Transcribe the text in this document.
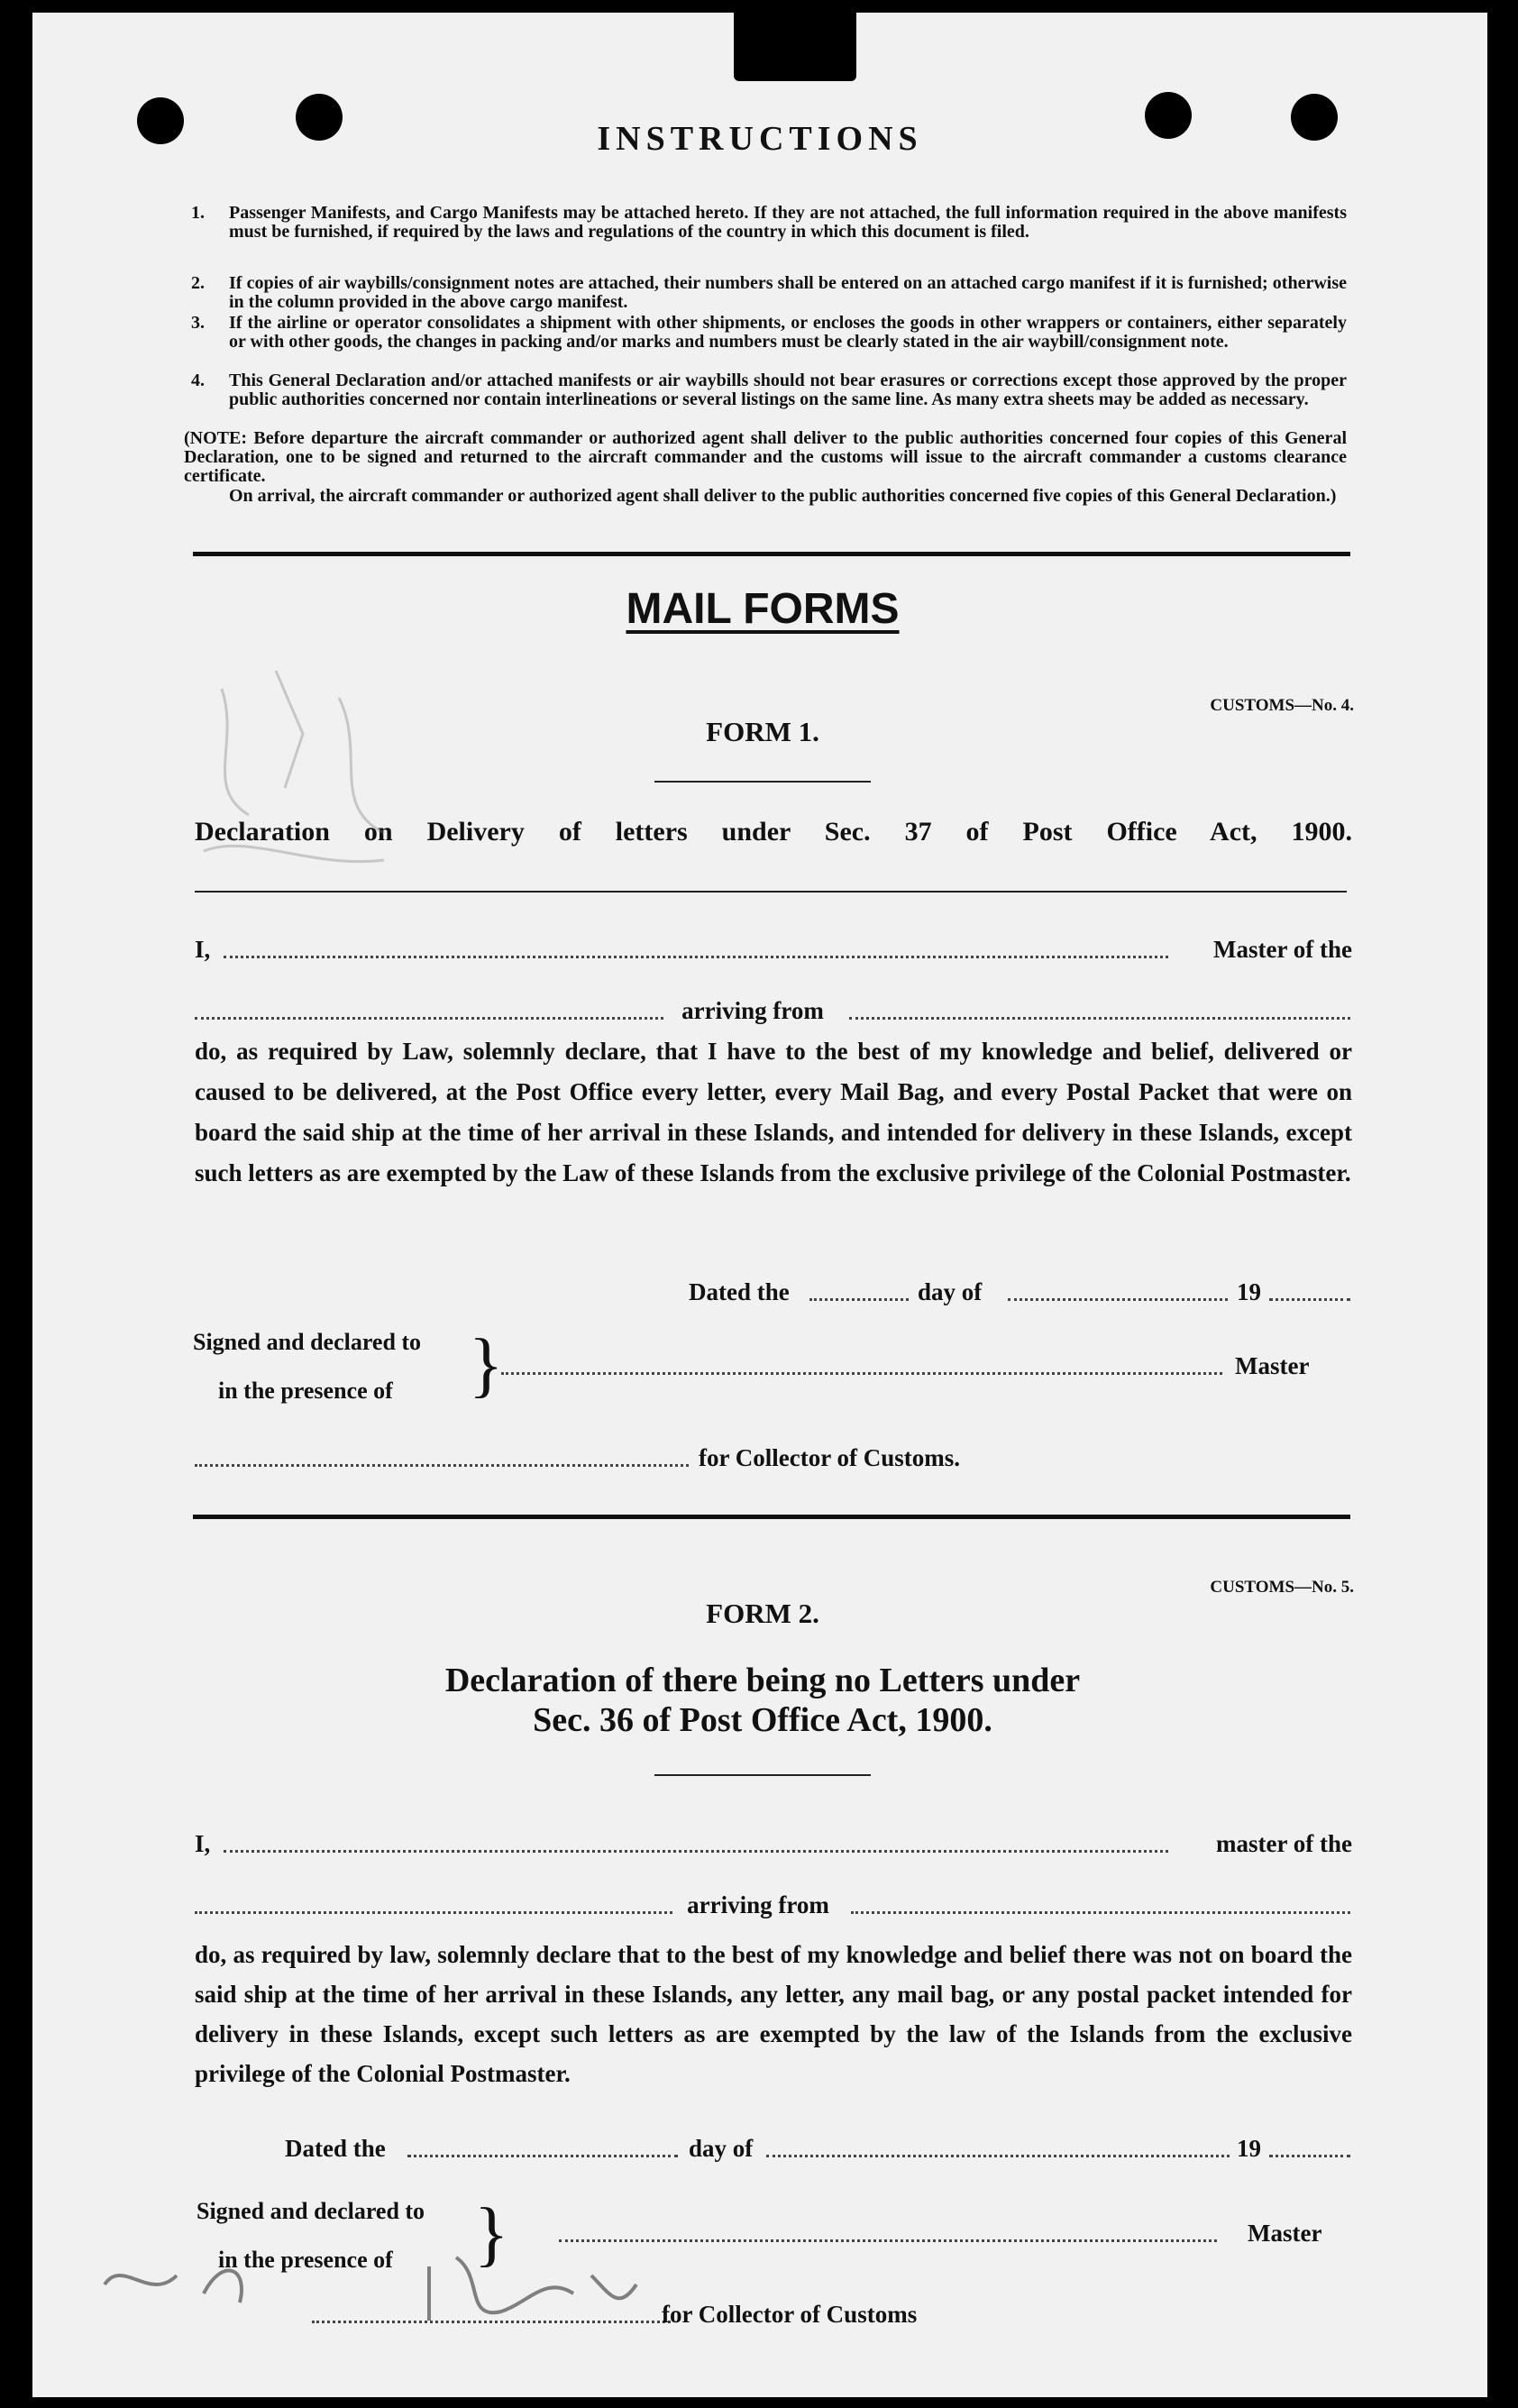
INSTRUCTIONS
1. Passenger Manifests, and Cargo Manifests may be attached hereto. If they are not attached, the full information required in the above manifests must be furnished, if required by the laws and regulations of the country in which this document is filed.
2. If copies of air waybills/consignment notes are attached, their numbers shall be entered on an attached cargo manifest if it is furnished; otherwise in the column provided in the above cargo manifest.
3. If the airline or operator consolidates a shipment with other shipments, or encloses the goods in other wrappers or containers, either separately or with other goods, the changes in packing and/or marks and numbers must be clearly stated in the air waybill/consignment note.
4. This General Declaration and/or attached manifests or air waybills should not bear erasures or corrections except those approved by the proper public authorities concerned nor contain interlineations or several listings on the same line. As many extra sheets may be added as necessary.
(NOTE: Before departure the aircraft commander or authorized agent shall deliver to the public authorities concerned four copies of this General Declaration, one to be signed and returned to the aircraft commander and the customs will issue to the aircraft commander a customs clearance certificate.
On arrival, the aircraft commander or authorized agent shall deliver to the public authorities concerned five copies of this General Declaration.)
MAIL FORMS
CUSTOMS—No. 4.
FORM 1.
Declaration on Delivery of letters under Sec. 37 of Post Office Act, 1900.
I,	Master of the
arriving from
do, as required by Law, solemnly declare, that I have to the best of my knowledge and belief, delivered or caused to be delivered, at the Post Office every letter, every Mail Bag, and every Postal Packet that were on board the said ship at the time of her arrival in these Islands, and intended for delivery in these Islands, except such letters as are exempted by the Law of these Islands from the exclusive privilege of the Colonial Postmaster.
Dated the	day of	19
Signed and declared to
in the presence of	}	Master
for Collector of Customs.
CUSTOMS—No. 5.
FORM 2.
Declaration of there being no Letters under
Sec. 36 of Post Office Act, 1900.
I,	master of the
arriving from
do, as required by law, solemnly declare that to the best of my knowledge and belief there was not on board the said ship at the time of her arrival in these Islands, any letter, any mail bag, or any postal packet intended for delivery in these Islands, except such letters as are exempted by the law of the Islands from the exclusive privilege of the Colonial Postmaster.
Dated the	day of	19
Signed and declared to
in the presence of	}	Master
for Collector of Customs
